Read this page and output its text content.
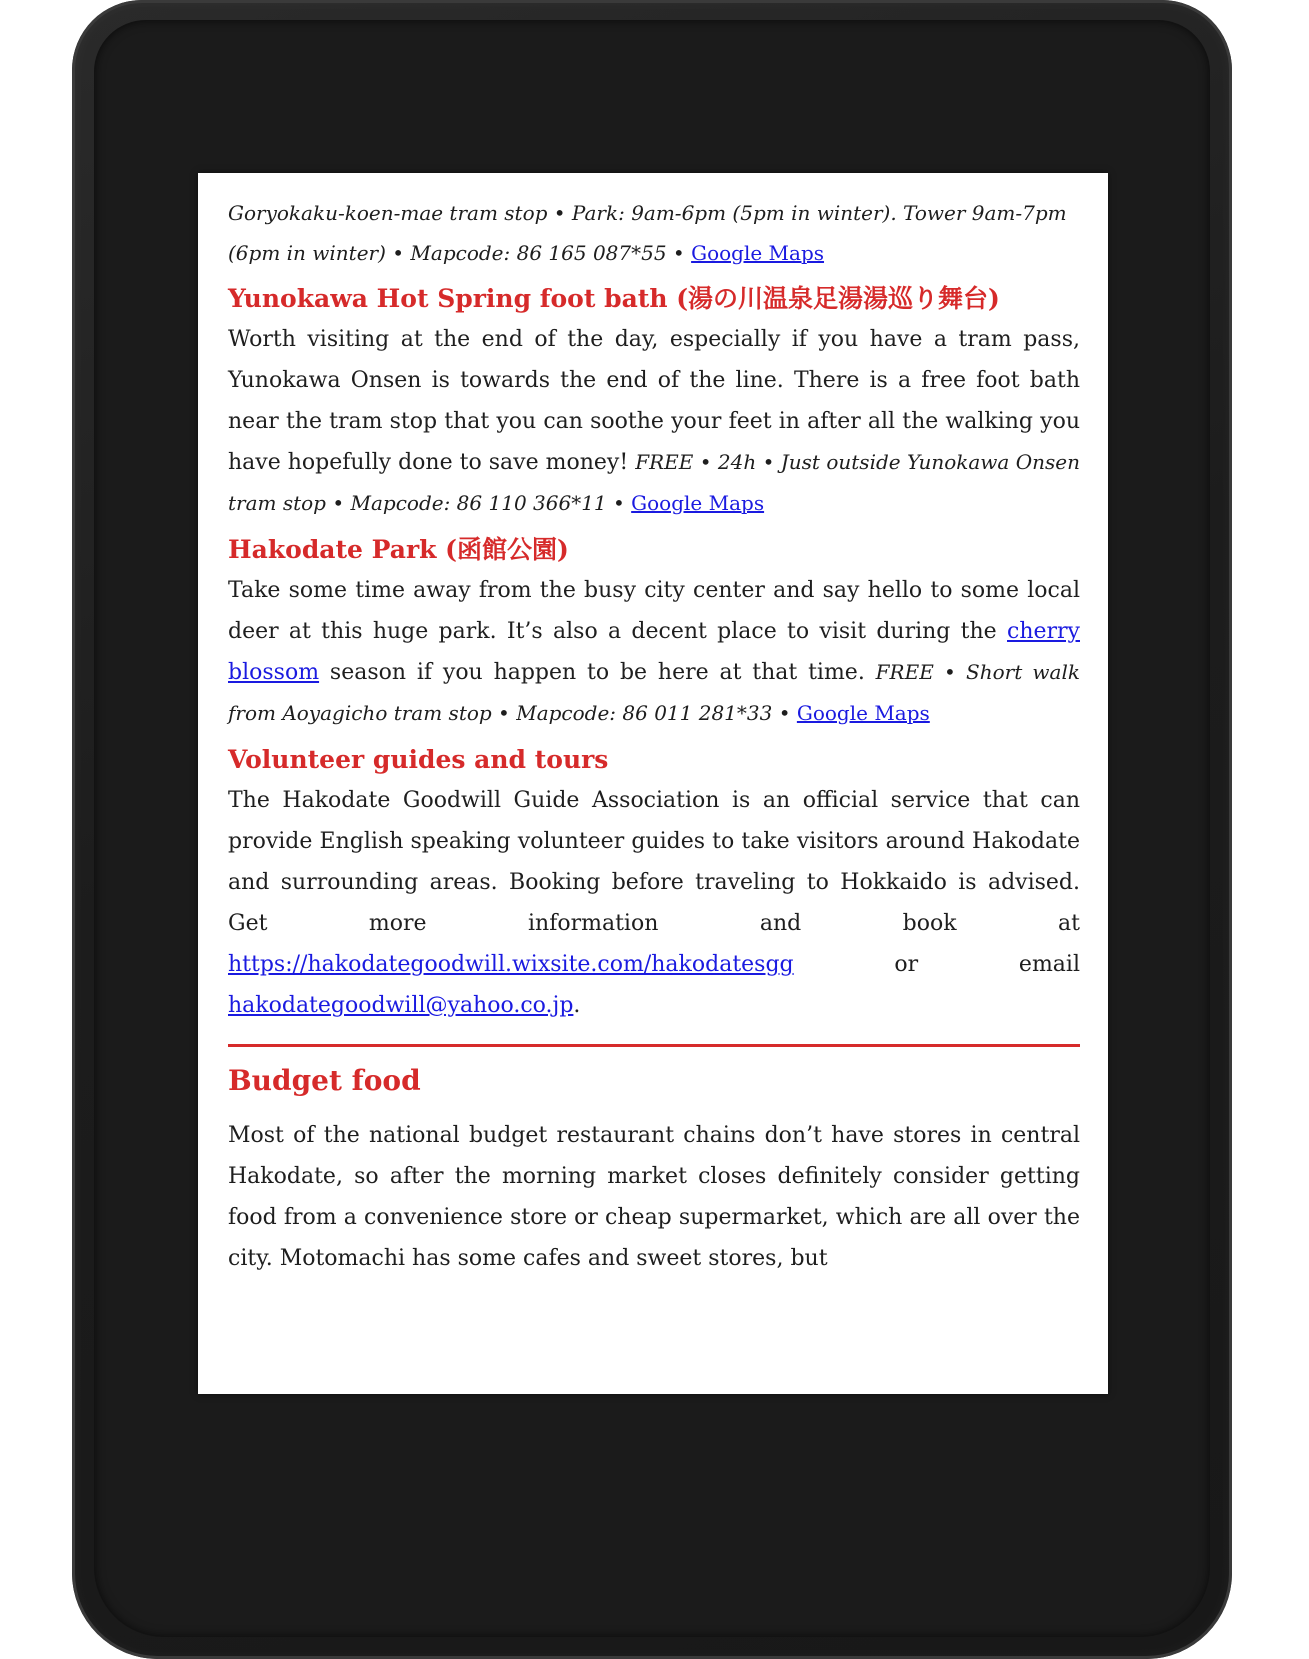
Goryokaku-koen-mae tram stop • Park: 9am-6pm (5pm in winter). Tower 9am-7pm (6pm in winter) • Mapcode: 86 165 087*55 • Google Maps
Yunokawa Hot Spring foot bath (湯の川温泉足湯湯巡り舞台)
Worth visiting at the end of the day, especially if you have a tram pass, Yunokawa Onsen is towards the end of the line. There is a free foot bath near the tram stop that you can soothe your feet in after all the walking you have hopefully done to save money! FREE • 24h • Just outside Yunokawa Onsen tram stop • Mapcode: 86 110 366*11 • Google Maps
Hakodate Park (函館公園)
Take some time away from the busy city center and say hello to some local deer at this huge park. It’s also a decent place to visit during the cherry blossom season if you happen to be here at that time. FREE • Short walk from Aoyagicho tram stop • Mapcode: 86 011 281*33 • Google Maps
Volunteer guides and tours
The Hakodate Goodwill Guide Association is an official service that can provide English speaking volunteer guides to take visitors around Hakodate and surrounding areas. Booking before traveling to Hokkaido is advised. Get more information and book at https://hakodategoodwill.wixsite.com/hakodatesgg or email hakodategoodwill@yahoo.co.jp.
Budget food
Most of the national budget restaurant chains don’t have stores in central Hakodate, so after the morning market closes definitely consider getting food from a convenience store or cheap supermarket, which are all over the city. Motomachi has some cafes and sweet stores, but
